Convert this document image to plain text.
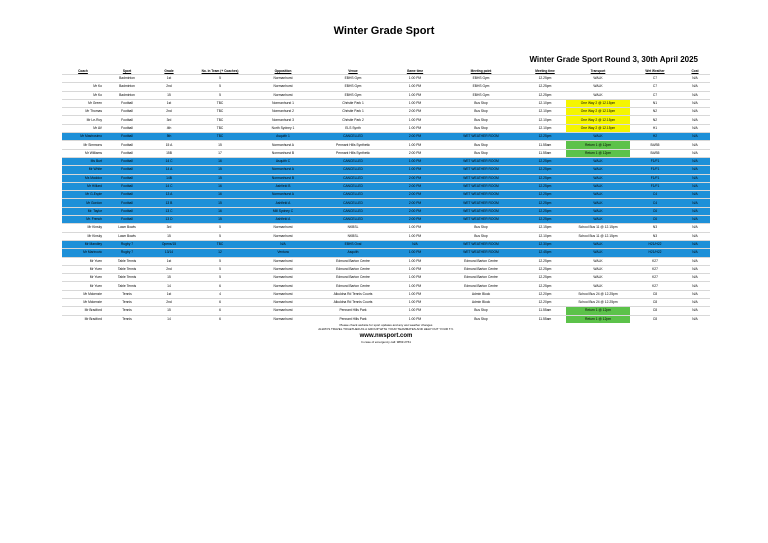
Winter Grade Sport
Winter Grade Sport Round 3, 30th April 2025
Coach	Sport	Grade	No. in Team (+ Coaches)	Opposition	Venue	Game time	Meeting point	Meeting time	Transport	Wet Weather	Cost
	Badminton	1st	5	Normanhurst	EBHS Gym	1:00 PM	EBHS Gym	12.25pm	WALK	C7	N/A
Mr Ko	Badminton	2nd	5	Normanhurst	EBHS Gym	1:00 PM	EBHS Gym	12.25pm	WALK	C7	N/A
Mr Ko	Badminton	15	5	Normanhurst	EBHS Gym	1:00 PM	EBHS Gym	12.25pm	WALK	C7	N/A
Mr Green	Football	1st	TBC	Normanhurst 1	Christie Park 1	1:00 PM	Bus Stop	12.10pm	One Way 2 @ 12.15pm	N1	N/A
Mr Thomas	Football	2nd	TBC	Normanhurst 2	Christie Park 1	2:00 PM	Bus Stop	12.10pm	One Way 2 @ 12.15pm	N2	N/A
Mr Le-Roy	Football	3rd	TBC	Normanhurst 3	Christie Park 2	1:00 PM	Bus Stop	12.10pm	One Way 2 @ 12.15pm	N2	N/A
Mr AV	Football	4th	TBC	North Sydney 1	ELS Synth	1:00 PM	Bus Stop	12.10pm	One Way 2 @ 12.15pm	H1	N/A
Mr Mastrosimo	Football	5th	TBC	Asquith 1	CANCELLED	2:00 PM	WET WEATHER ROOM	12.25pm	WALK	H2	N/A
Mr Simmons	Football	15 A	15	Normanhurst A	Pennant Hills Synthetic	1:00 PM	Bus Stop	11.55am	Return 1 @ 12pm	B4/B5	N/A
Mr Williams	Football	15B	17	Normanhurst B	Pennant Hills Synthetic	2:00 PM	Bus Stop	11.55am	Return 1 @ 12pm	B4/B5	N/A
Ms Burt	Football	14 C	16	Asquith C	CANCELLED	1:00 PM	WET WEATHER ROOM	12.25pm	WALK	F1/F1	N/A
Mr White	Football	14 A	15	Normanhurst A	CANCELLED	1:00 PM	WET WEATHER ROOM	12.25pm	WALK	F1/F1	N/A
Ms Maddox	Football	14B	15	Normanhurst B	CANCELLED	2:00 PM	WET WEATHER ROOM	12.25pm	WALK	F1/F1	N/A
Mr Hilliard	Football	14 C	16	Ashfield B	CANCELLED	2:00 PM	WET WEATHER ROOM	12.25pm	WALK	F1/F1	N/A
Mr G-Espie	Football	13 A	16	Normanhurst A	CANCELLED	2:00 PM	WET WEATHER ROOM	12.25pm	WALK	C4	N/A
Mr Gordon	Football	13 B	15	Ashfield A	CANCELLED	2:00 PM	WET WEATHER ROOM	12.25pm	WALK	C4	N/A
Mr. Taylor	Football	13 C	16	Mill Sydney C	CANCELLED	2:00 PM	WET WEATHER ROOM	12.25pm	WALK	C6	N/A
Mr. French	Football	13 D	15	Ashfield A	CANCELLED	2:00 PM	WET WEATHER ROOM	12.25pm	WALK	C6	N/A
Mr Kinsky	Lawn Bowls	3rd	5	Normanhurst	NKBSL	1:00 PM	Bus Stop	12.15pm	School Bus 11 @ 12.15pm	N3	N/A
Mr Kinsky	Lawn Bowls	15	5	Normanhurst	NKBSL	1:00 PM	Bus Stop	12.10pm	School Bus 11 @ 12.15pm	N3	N/A
Mr Mandley	Rugby 7	Opens/15	TBC	N/A	EBHS Oval	N/A	WET WEATHER ROOM	12.30pm	WALK	H21/H22	N/A
Mr Marinovic	Rugby 7	13/14	12	Ventura	Asquith	1:00 PM	WET WEATHER ROOM	12.45pm	WALK	H21/H22	N/A
Mr Yuen	Table Tennis	1st	5	Normanhurst	Edmund Barton Centre	1:00 PM	Edmund Barton Centre	12.25pm	WALK	K27	N/A
Mr Yuen	Table Tennis	2nd	5	Normanhurst	Edmund Barton Centre	1:00 PM	Edmund Barton Centre	12.25pm	WALK	K27	N/A
Mr Yuen	Table Tennis	15	5	Normanhurst	Edmund Barton Centre	1:00 PM	Edmund Barton Centre	12.25pm	WALK	K27	N/A
Mr Yuen	Table Tennis	14	6	Normanhurst	Edmund Barton Centre	1:00 PM	Edmund Barton Centre	12.25pm	WALK	K27	N/A
Mr Mckenzie	Tennis	1st	4	Normanhurst	Alkuldna Rd Tennis Courts	1:00 PM	Admin Block	12.20pm	School Bus 24 @ 12.25pm	C8	N/A
Mr Mckenzie	Tennis	2nd	6	Normanhurst	Alkuldna Rd Tennis Courts	1:00 PM	Admin Block	12.20pm	School Bus 24 @ 12.25pm	C8	N/A
Mr Bradford	Tennis	15	6	Normanhurst	Pennant Hills Park	1:00 PM	Bus Stop	11.55am	Return 1 @ 12pm	C8	N/A
Mr Bradford	Tennis	14	6	Normanhurst	Pennant Hills Park	1:00 PM	Bus Stop	11.55am	Return 1 @ 12pm	C8	N/A
Please check website for sport updates and any wet weather changes
ALWAYS TRAVEL TOGETHER AS A GROUP WITH YOUR TEAMMATES AND HELP OUT YOUR T.V.
www.nwsport.com
In case of emergency call: 9869 2761
